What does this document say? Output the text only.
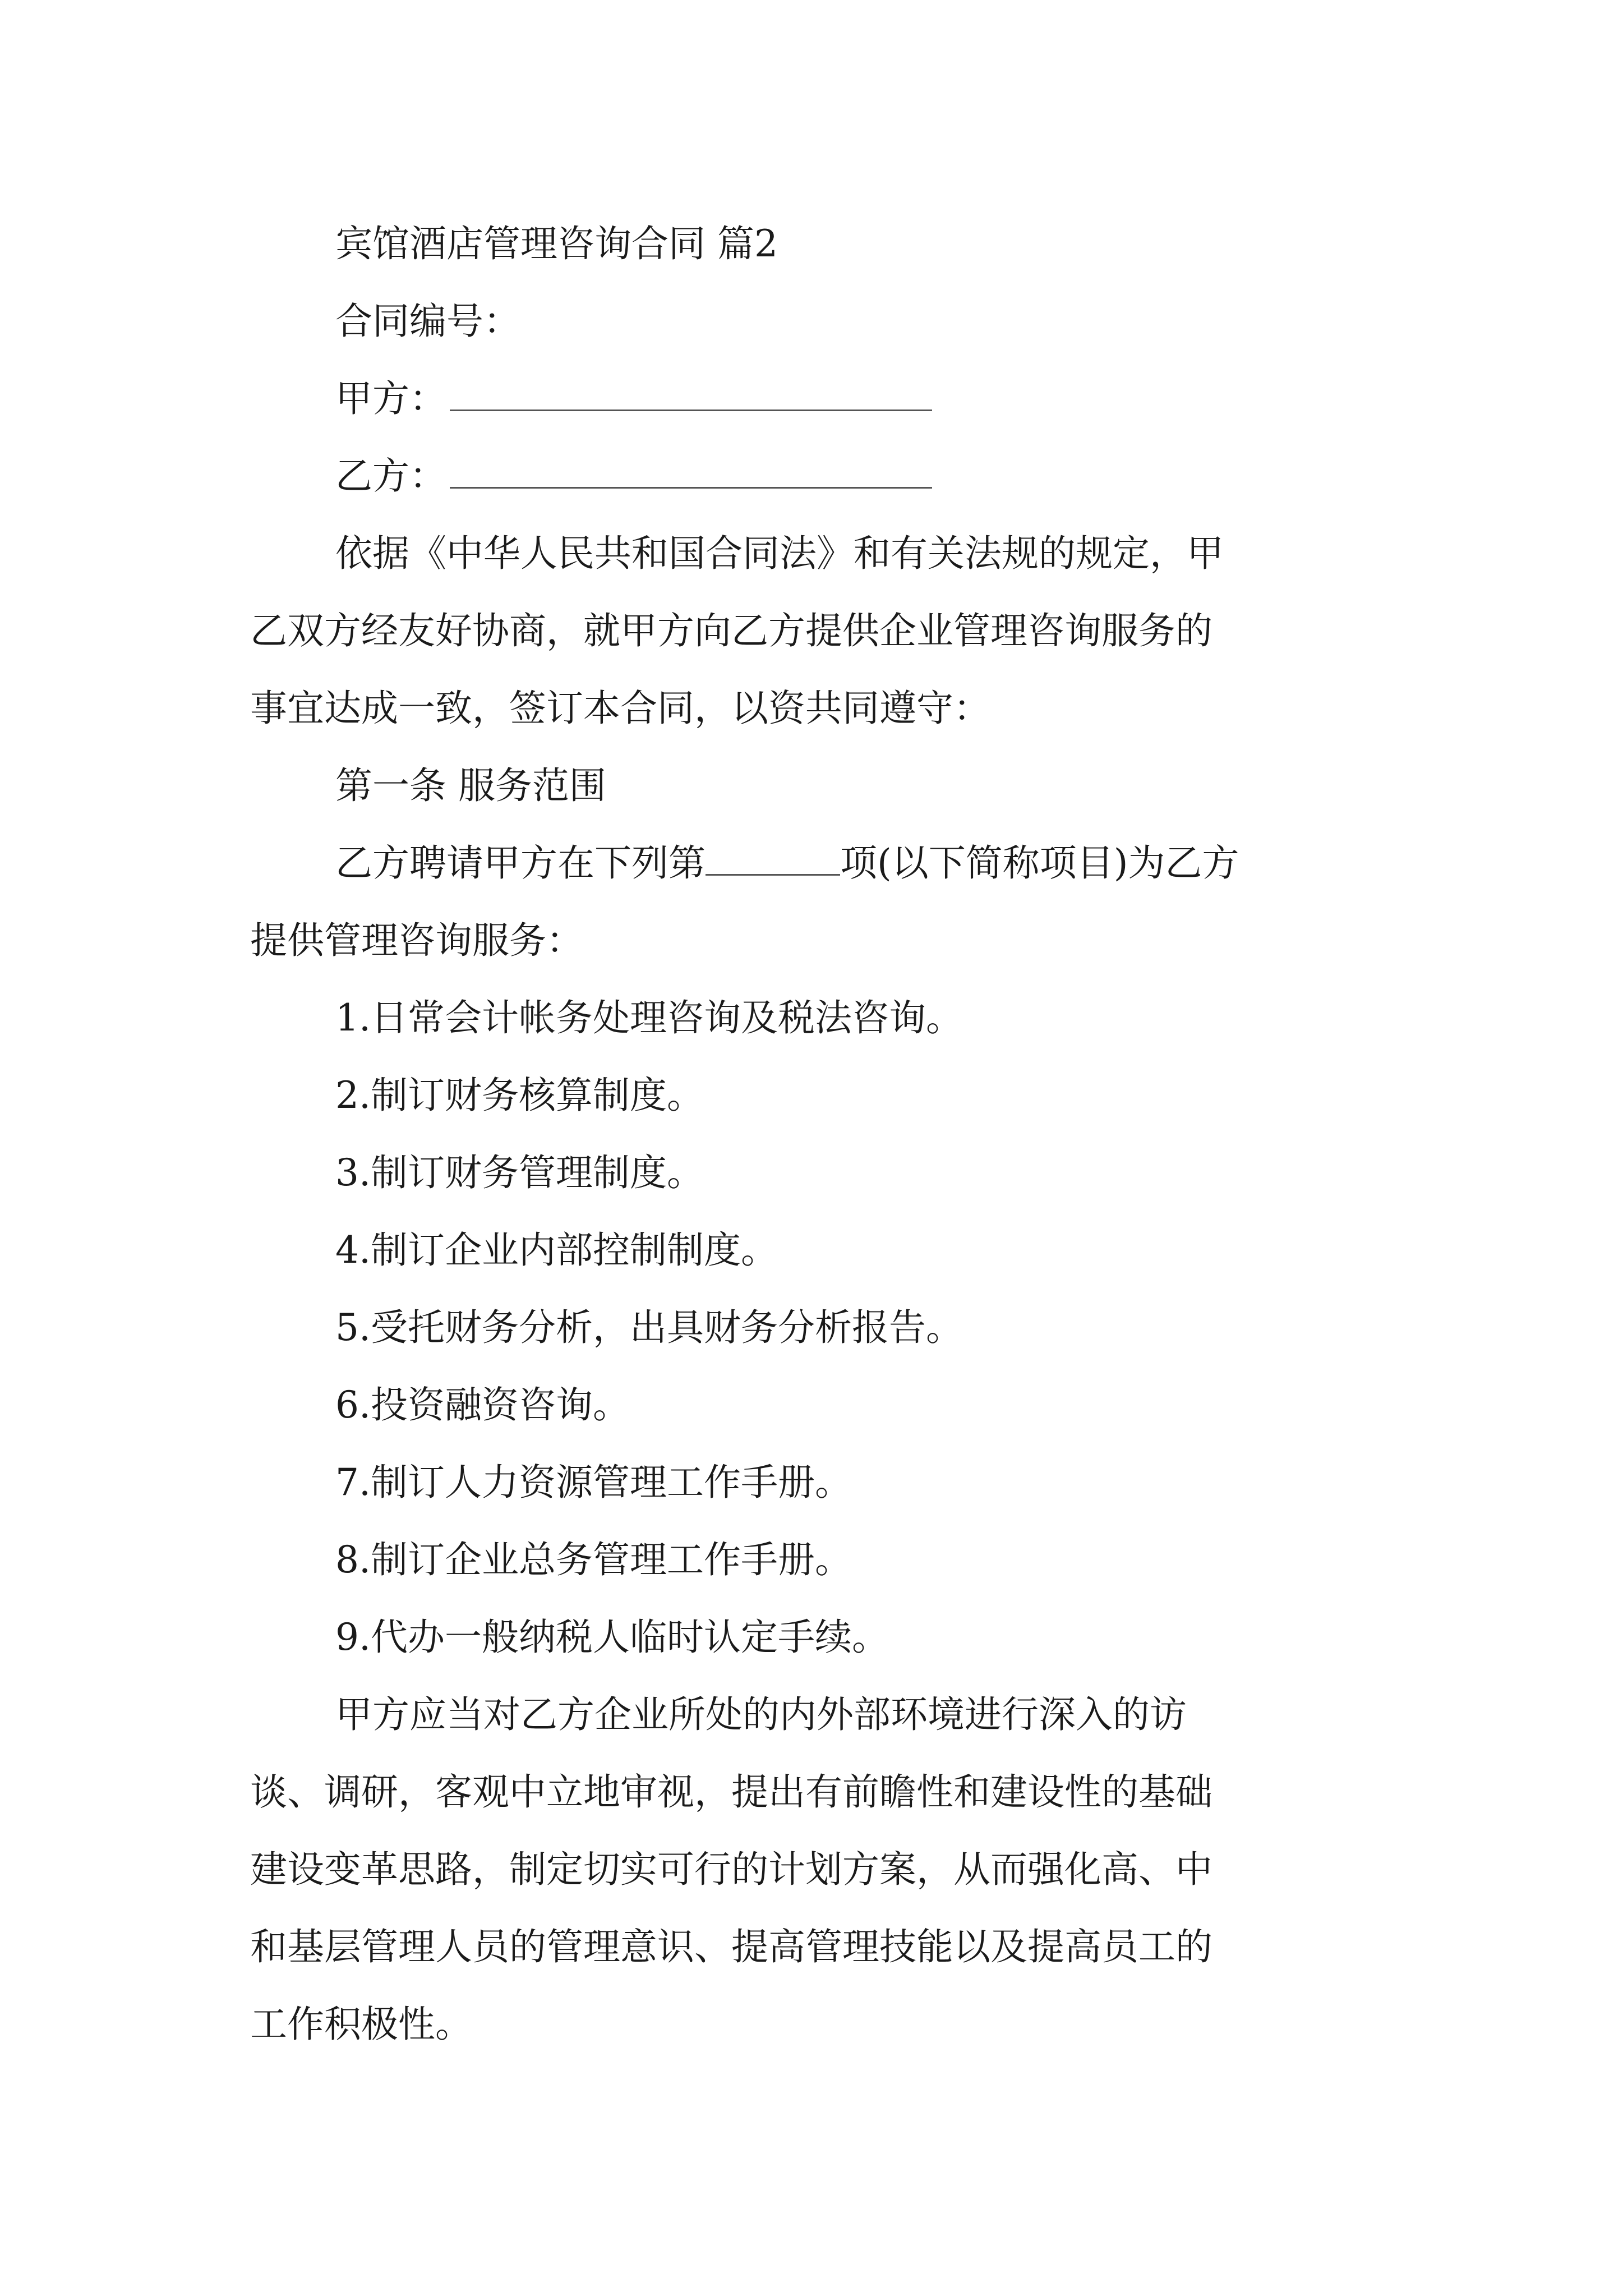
宾馆酒店管理咨询合同 篇2
合同编号：
甲方：
乙方：
依据《中华人民共和国合同法》和有关法规的规定，甲
乙双方经友好协商，就甲方向乙方提供企业管理咨询服务的
事宜达成一致，签订本合同，以资共同遵守：
第一条 服务范围
乙方聘请甲方在下列第	项(以下简称项目)为乙方
提供管理咨询服务：
1.日常会计帐务处理咨询及税法咨询。
2.制订财务核算制度。
3.制订财务管理制度。
4.制订企业内部控制制度。
5.受托财务分析，出具财务分析报告。
6.投资融资咨询。
7.制订人力资源管理工作手册。
8.制订企业总务管理工作手册。
9.代办一般纳税人临时认定手续。
甲方应当对乙方企业所处的内外部环境进行深入的访
谈、调研，客观中立地审视，提出有前瞻性和建设性的基础
建设变革思路，制定切实可行的计划方案，从而强化高、中
和基层管理人员的管理意识、提高管理技能以及提高员工的
工作积极性。
